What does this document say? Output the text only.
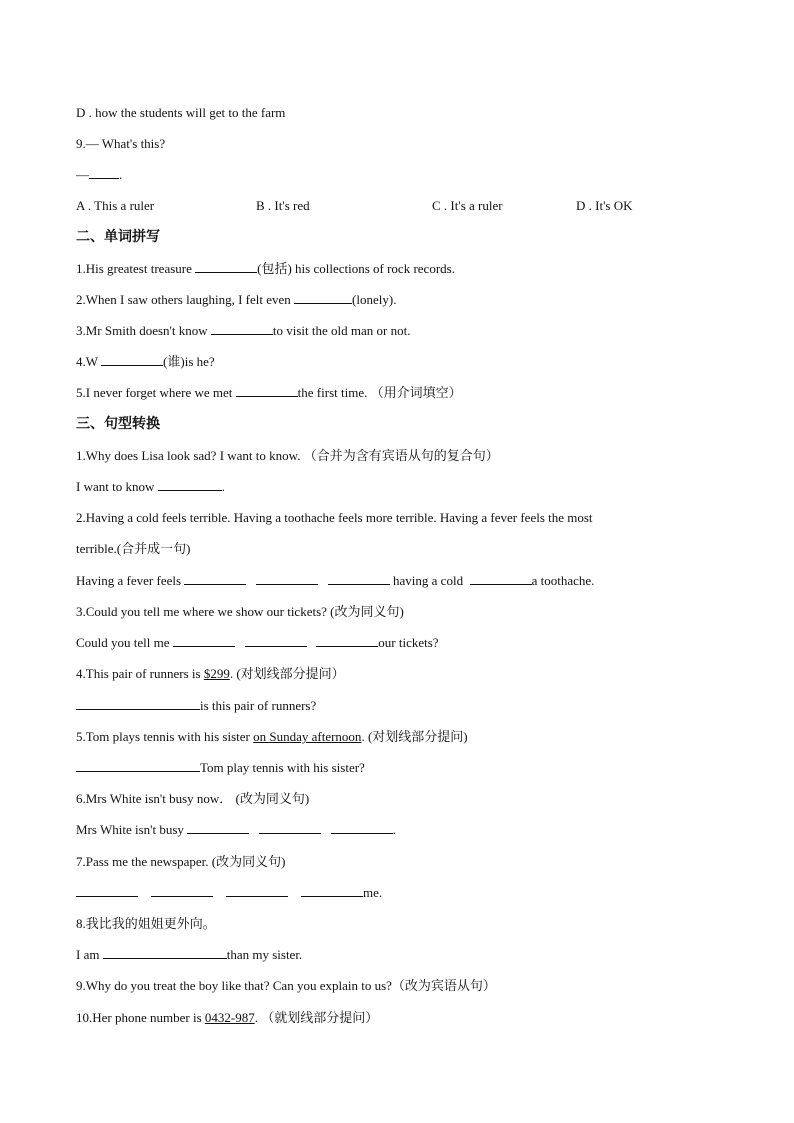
D . how the students will get to the farm
9.— What's this?
— .
A . This a ruler	B . It's red	C . It's a ruler	D . It's OK
二、单词拼写
1.His greatest treasure	(包括) his collections of rock records.
2.When I saw others laughing, I felt even	(lonely).
3.Mr Smith doesn't know	to visit the old man or not.
4.W	(谁)is he?
5.I never forget where we met	the first time. （用介词填空）
三、句型转换
1.Why does Lisa look sad? I want to know. （合并为含有宾语从句的复合句）
I want to know	.
2.Having a cold feels terrible. Having a toothache feels more terrible. Having a fever feels the most
terrible.(合并成一句)
Having a fever feels	having a cold	a toothache.
3.Could you tell me where we show our tickets? (改为同义句)
Could you tell me	our tickets?
4.This pair of runners is $299. (对划线部分提问）
is this pair of runners?
5.Tom plays tennis with his sister on Sunday afternoon. (对划线部分提问)
Tom play tennis with his sister?
6.Mrs White isn't busy now． (改为同义句)
Mrs White isn't busy	.
7.Pass me the newspaper. (改为同义句)
me.
8.我比我的姐姐更外向。
I am	than my sister.
9.Why do you treat the boy like that? Can you explain to us?（改为宾语从句）
10.Her phone number is 0432-987. （就划线部分提问）
